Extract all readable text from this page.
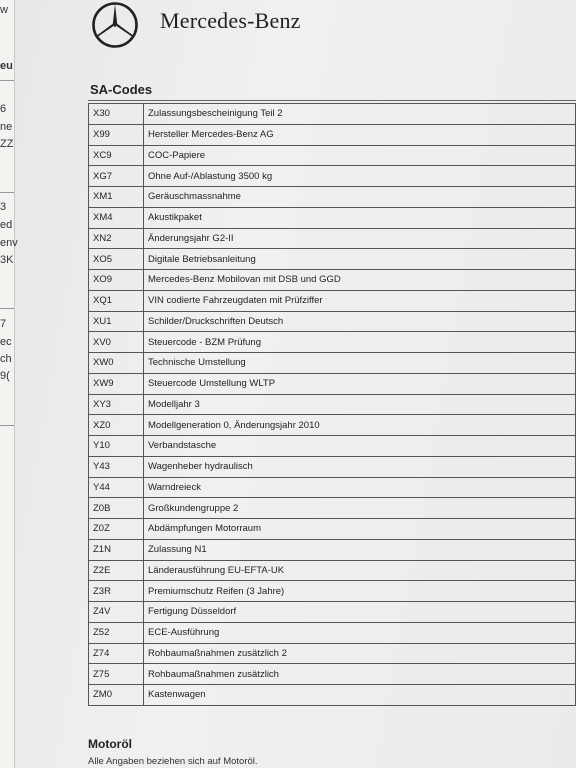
w
eu
6
ne
ZZ
3
ed
env
3K
7
ec
ch
9(
Mercedes-Benz
SA-Codes
X30	Zulassungsbescheinigung Teil 2
X99	Hersteller Mercedes-Benz AG
XC9	COC-Papiere
XG7	Ohne Auf-/Ablastung 3500 kg
XM1	Geräuschmassnahme
XM4	Akustikpaket
XN2	Änderungsjahr G2-II
XO5	Digitale Betriebsanleitung
XO9	Mercedes-Benz Mobilovan mit DSB und GGD
XQ1	VIN codierte Fahrzeugdaten mit Prüfziffer
XU1	Schilder/Druckschriften Deutsch
XV0	Steuercode - BZM Prüfung
XW0	Technische Umstellung
XW9	Steuercode Umstellung WLTP
XY3	Modelljahr 3
XZ0	Modellgeneration 0, Änderungsjahr 2010
Y10	Verbandstasche
Y43	Wagenheber hydraulisch
Y44	Warndreieck
Z0B	Großkundengruppe 2
Z0Z	Abdämpfungen Motorraum
Z1N	Zulassung N1
Z2E	Länderausführung EU-EFTA-UK
Z3R	Premiumschutz Reifen (3 Jahre)
Z4V	Fertigung Düsseldorf
Z52	ECE-Ausführung
Z74	Rohbaumaßnahmen zusätzlich 2
Z75	Rohbaumaßnahmen zusätzlich
ZM0	Kastenwagen
Motoröl
Alle Angaben beziehen sich auf Motoröl.
